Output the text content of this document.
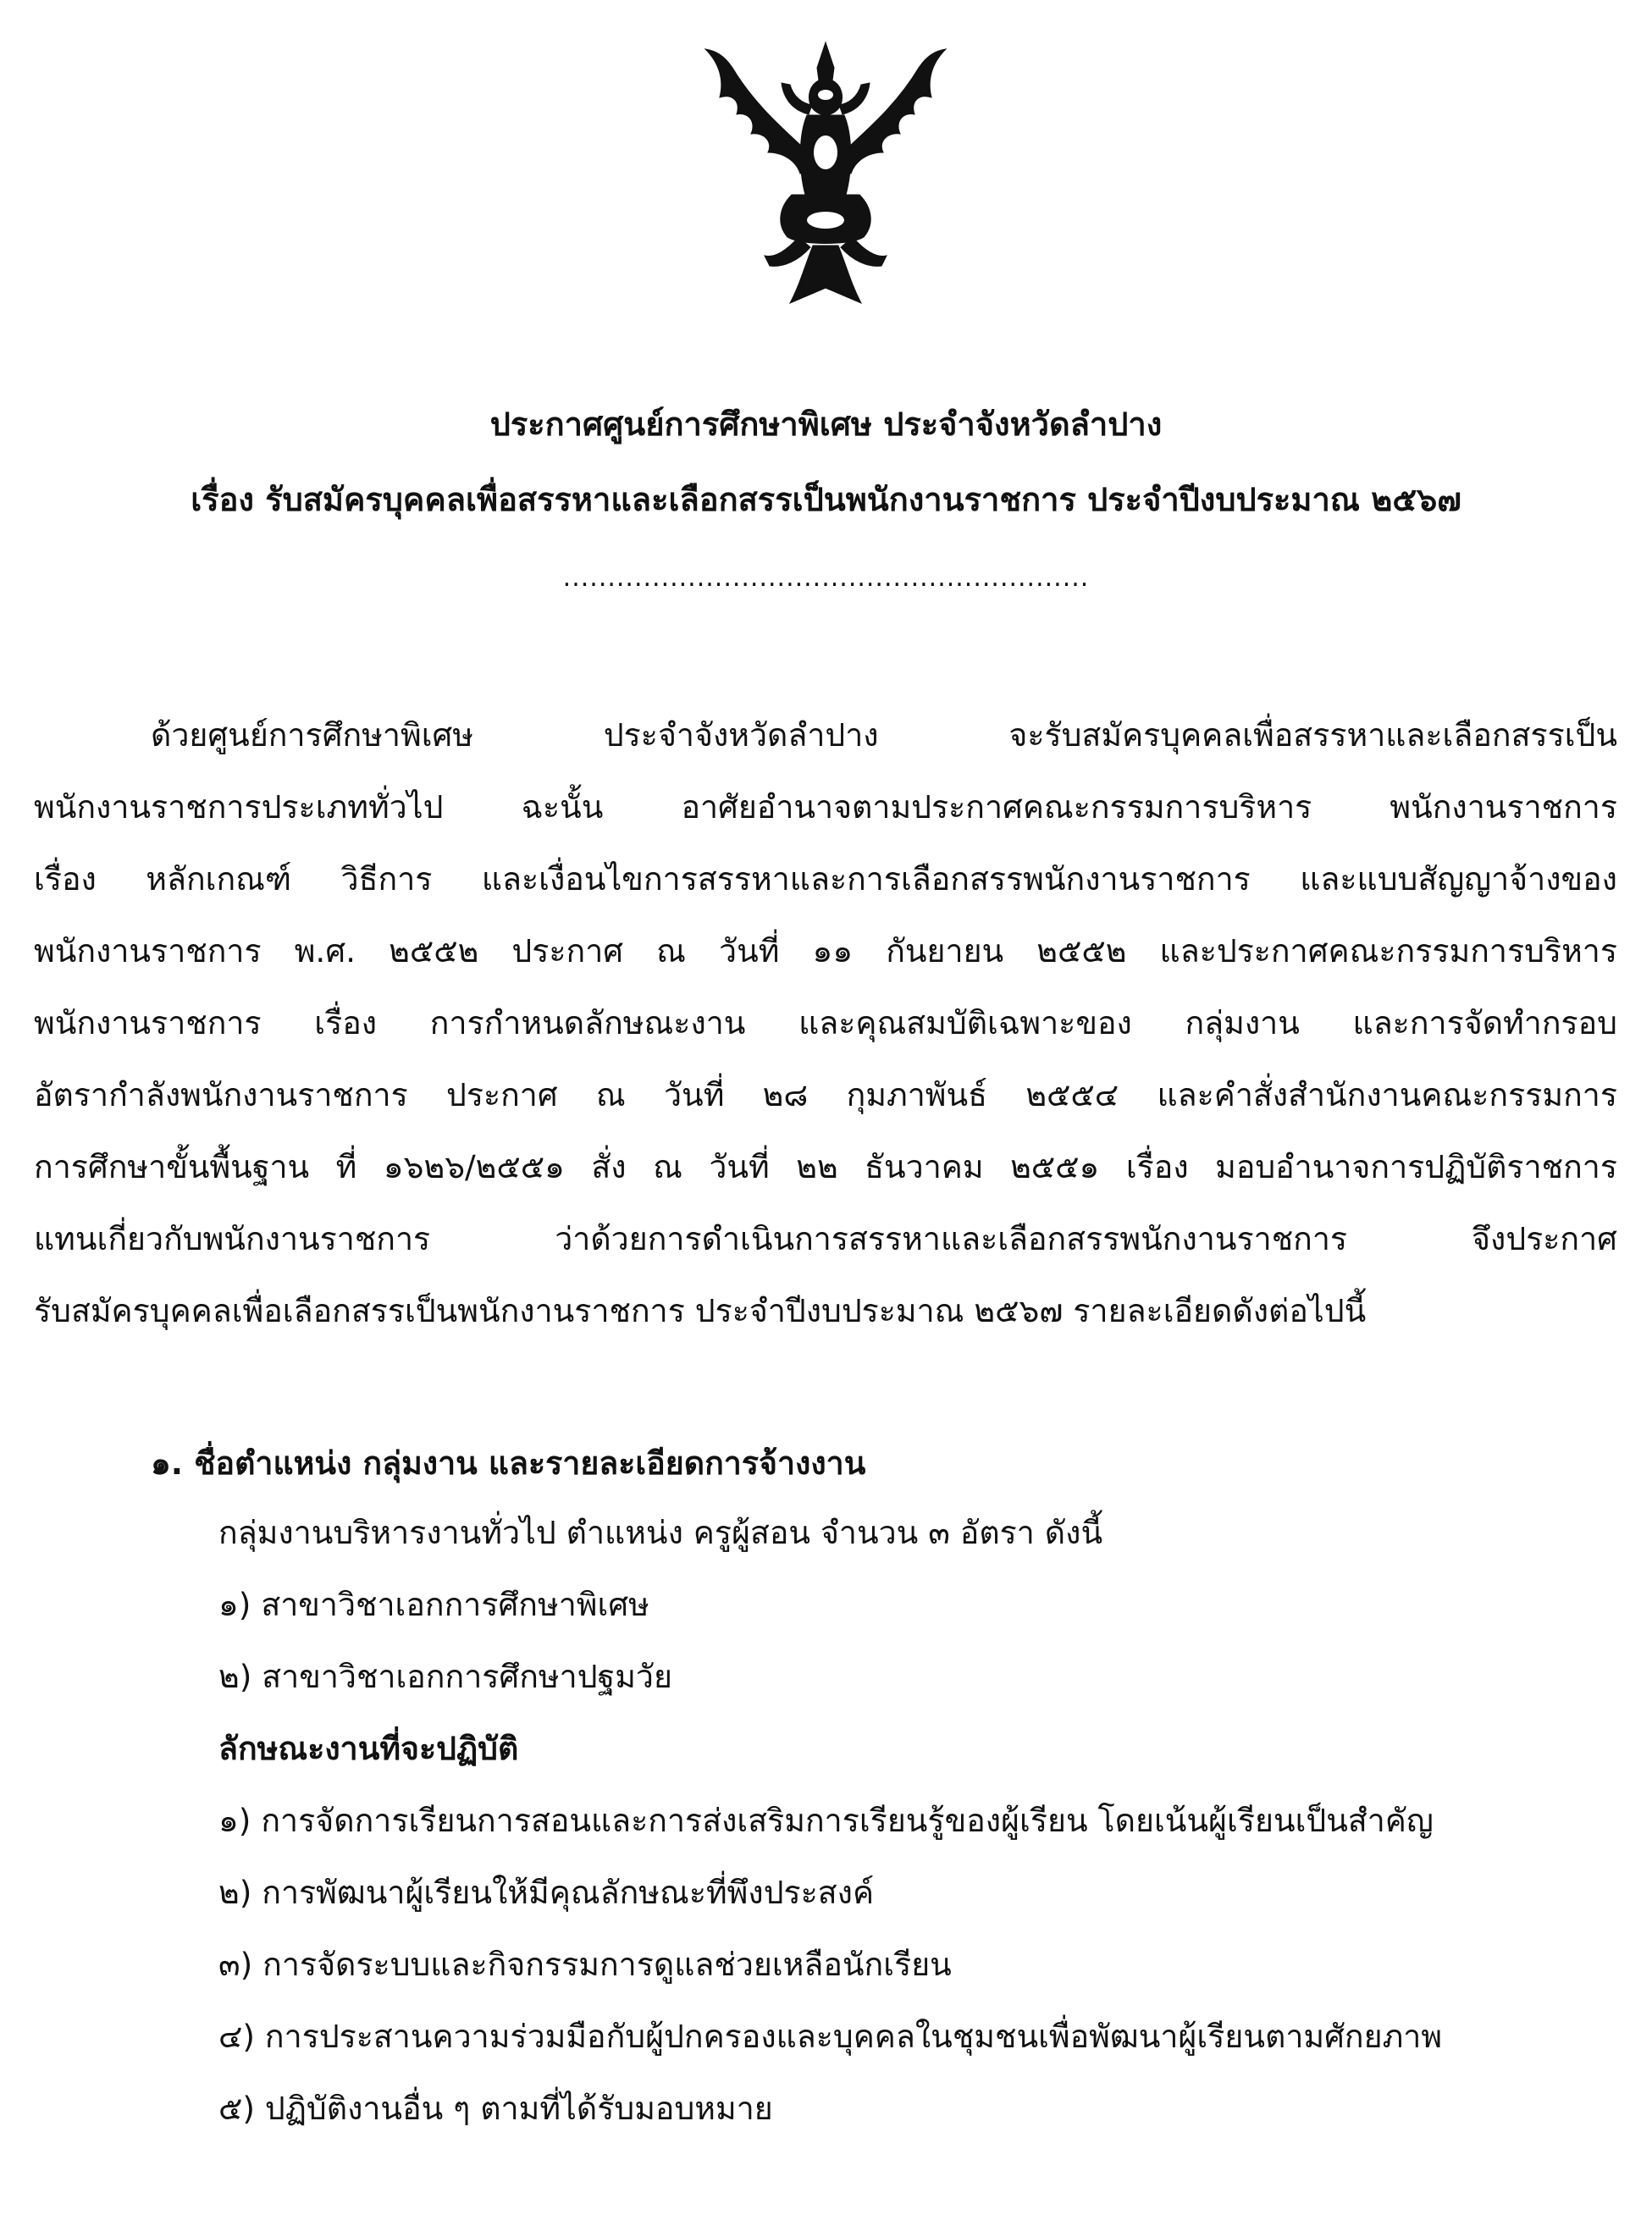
ประกาศศูนย์การศึกษาพิเศษ ประจำจังหวัดลำปาง
เรื่อง รับสมัครบุคคลเพื่อสรรหาและเลือกสรรเป็นพนักงานราชการ ประจำปีงบประมาณ ๒๕๖๗
...........................................................
ด้วยศูนย์การศึกษาพิเศษ ประจำจังหวัดลำปาง จะรับสมัครบุคคลเพื่อสรรหาและเลือกสรรเป็น
พนักงานราชการประเภททั่วไป ฉะนั้น อาศัยอำนาจตามประกาศคณะกรรมการบริหาร พนักงานราชการ
เรื่อง หลักเกณฑ์ วิธีการ และเงื่อนไขการสรรหาและการเลือกสรรพนักงานราชการ และแบบสัญญาจ้างของ
พนักงานราชการ พ.ศ. ๒๕๕๒ ประกาศ ณ วันที่ ๑๑ กันยายน ๒๕๕๒ และประกาศคณะกรรมการบริหาร
พนักงานราชการ เรื่อง การกำหนดลักษณะงาน และคุณสมบัติเฉพาะของ กลุ่มงาน และการจัดทำกรอบ
อัตรากำลังพนักงานราชการ ประกาศ ณ วันที่ ๒๘ กุมภาพันธ์ ๒๕๕๔ และคำสั่งสำนักงานคณะกรรมการ
การศึกษาขั้นพื้นฐาน ที่ ๑๖๒๖/๒๕๕๑ สั่ง ณ วันที่ ๒๒ ธันวาคม ๒๕๕๑ เรื่อง มอบอำนาจการปฏิบัติราชการ
แทนเกี่ยวกับพนักงานราชการ ว่าด้วยการดำเนินการสรรหาและเลือกสรรพนักงานราชการ จึงประกาศ
รับสมัครบุคคลเพื่อเลือกสรรเป็นพนักงานราชการ ประจำปีงบประมาณ ๒๕๖๗ รายละเอียดดังต่อไปนี้
๑. ชื่อตำแหน่ง กลุ่มงาน และรายละเอียดการจ้างงาน
กลุ่มงานบริหารงานทั่วไป ตำแหน่ง ครูผู้สอน จำนวน ๓ อัตรา ดังนี้
๑) สาขาวิชาเอกการศึกษาพิเศษ
๒) สาขาวิชาเอกการศึกษาปฐมวัย
ลักษณะงานที่จะปฏิบัติ
๑) การจัดการเรียนการสอนและการส่งเสริมการเรียนรู้ของผู้เรียน โดยเน้นผู้เรียนเป็นสำคัญ
๒) การพัฒนาผู้เรียนให้มีคุณลักษณะที่พึงประสงค์
๓) การจัดระบบและกิจกรรมการดูแลช่วยเหลือนักเรียน
๔) การประสานความร่วมมือกับผู้ปกครองและบุคคลในชุมชนเพื่อพัฒนาผู้เรียนตามศักยภาพ
๕) ปฏิบัติงานอื่น ๆ ตามที่ได้รับมอบหมาย
